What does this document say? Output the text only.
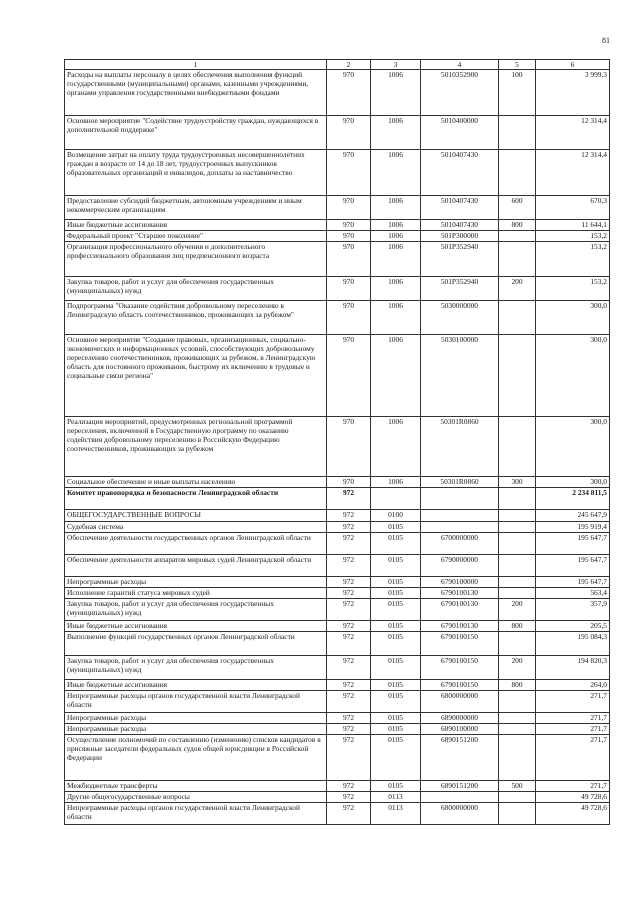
81
1	2	3	4	5	6
Расходы на выплаты персоналу в целях обеспечения выполнения функций государственными (муниципальными) органами, казенными учреждениями, органами управления государственными внебюджетными фондами	970	1006	5010352900	100	3 999,3
Основное мероприятие "Содействие трудоустройству граждан, нуждающихся в дополнительной поддержке"	970	1006	5010400000		12 314,4
Возмещение затрат на оплату труда трудоустроенных несовершеннолетних граждан в возрасте от 14 до 18 лет, трудоустроенных выпускников образовательных организаций и инвалидов, доплаты за наставничество	970	1006	5010407430		12 314,4
Предоставление субсидий бюджетным, автономным учреждениям и иным некоммерческим организациям	970	1006	5010407430	600	670,3
Иные бюджетные ассигнования	970	1006	5010407430	800	11 644,1
Федеральный проект "Старшее поколение"	970	1006	501P300000		153,2
Организация профессионального обучения и дополнительного профессионального образования лиц предпенсионного возраста	970	1006	501P352940		153,2
Закупка товаров, работ и услуг для обеспечения государственных (муниципальных) нужд	970	1006	501P352940	200	153,2
Подпрограмма "Оказание содействия добровольному переселению в Ленинградскую область соотечественников, проживающих за рубежом"	970	1006	5030000000		300,0
Основное мероприятие "Создание правовых, организационных, социально-экономических и информационных условий, способствующих добровольному переселению соотечественников, проживающих за рубежом, в Ленинградскую область для постоянного проживания, быстрому их включению в трудовые и социальные связи региона"	970	1006	5030100000		300,0
Реализация мероприятий, предусмотренных региональной программой переселения, включенной в Государственную программу по оказанию содействия добровольному переселению в Российскую Федерацию соотечественников, проживающих за рубежом	970	1006	50301R0860		300,0
Социальное обеспечение и иные выплаты населению	970	1006	50301R0860	300	300,0
Комитет правопорядка и безопасности Ленинградской области	972				2 234 811,5
ОБЩЕГОСУДАРСТВЕННЫЕ ВОПРОСЫ	972	0100			245 647,9
Судебная система	972	0105			195 919,4
Обеспечение деятельности государственных органов Ленинградской области	972	0105	6700000000		195 647,7
Обеспечение деятельности аппаратов мировых судей Ленинградской области	972	0105	6790000000		195 647,7
Непрограммные расходы	972	0105	6790100000		195 647,7
Исполнение гарантий статуса мировых судей	972	0105	6790100130		563,4
Закупка товаров, работ и услуг для обеспечения государственных (муниципальных) нужд	972	0105	6790100130	200	357,9
Иные бюджетные ассигнования	972	0105	6790100130	800	205,5
Выполнение функций государственных органов Ленинградской области	972	0105	6790100150		195 084,3
Закупка товаров, работ и услуг для обеспечения государственных (муниципальных) нужд	972	0105	6790100150	200	194 820,3
Иные бюджетные ассигнования	972	0105	6790100150	800	264,0
Непрограммные расходы органов государственной власти Ленинградской области	972	0105	6800000000		271,7
Непрограммные расходы	972	0105	6890000000		271,7
Непрограммные расходы	972	0105	6890100000		271,7
Осуществление полномочий по составлению (изменению) списков кандидатов в присяжные заседатели федеральных судов общей юрисдикции в Российской Федерации	972	0105	6890151200		271,7
Межбюджетные трансферты	972	0105	6890151200	500	271,7
Другие общегосударственные вопросы	972	0113			49 728,6
Непрограммные расходы органов государственной власти Ленинградской области	972	0113	6800000000		49 728,6
